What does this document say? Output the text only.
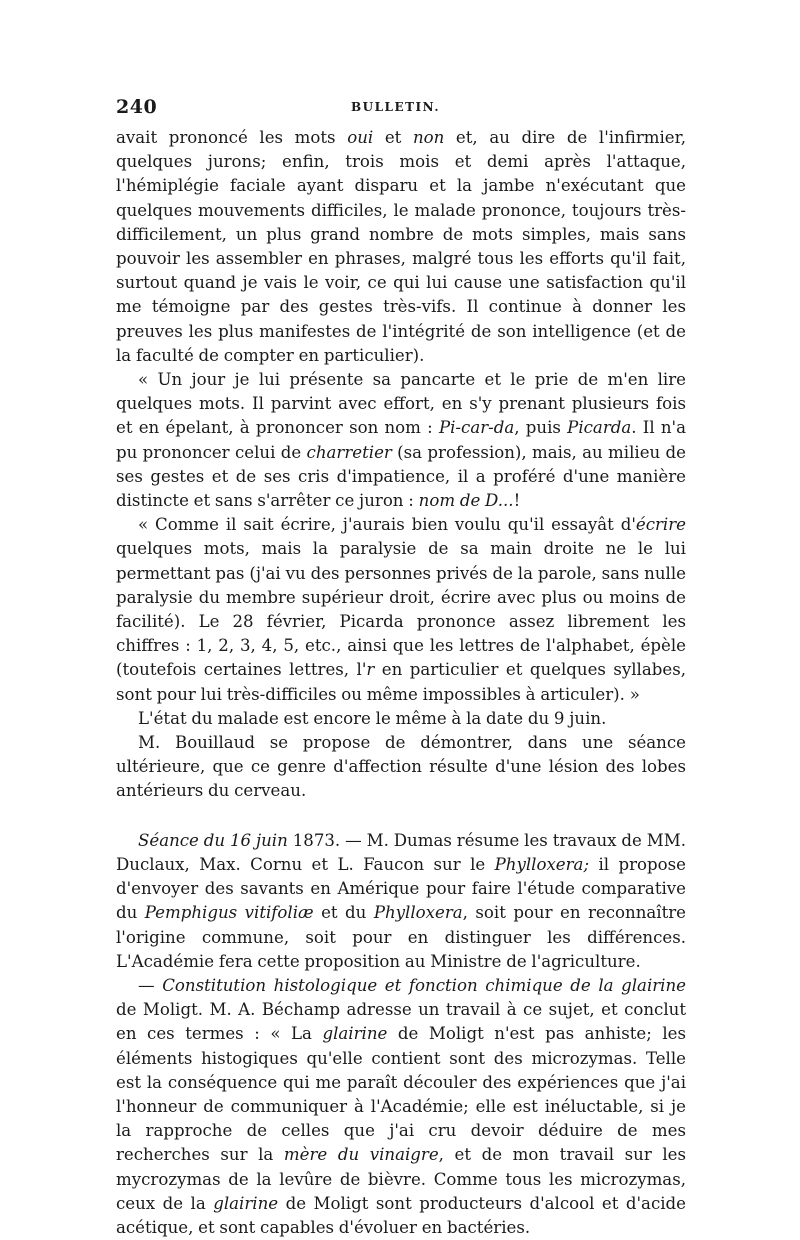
240	BULLETIN.

avait prononcé les mots oui et non et, au dire de l'infirmier, quelques jurons; enfin, trois mois et demi après l'attaque, l'hémiplégie faciale ayant disparu et la jambe n'exécutant que quelques mouvements difficiles, le malade prononce, toujours très-difficilement, un plus grand nombre de mots simples, mais sans pouvoir les assembler en phrases, malgré tous les efforts qu'il fait, surtout quand je vais le voir, ce qui lui cause une satisfaction qu'il me témoigne par des gestes très-vifs. Il continue à donner les preuves les plus manifestes de l'intégrité de son intelligence (et de la faculté de compter en particulier).

« Un jour je lui présente sa pancarte et le prie de m'en lire quelques mots. Il parvint avec effort, en s'y prenant plusieurs fois et en épelant, à prononcer son nom : Pi-car-da, puis Picarda. Il n'a pu prononcer celui de charretier (sa profession), mais, au milieu de ses gestes et de ses cris d'impatience, il a proféré d'une manière distincte et sans s'arrêter ce juron : nom de D...!

« Comme il sait écrire, j'aurais bien voulu qu'il essayât d'écrire quelques mots, mais la paralysie de sa main droite ne le lui permettant pas (j'ai vu des personnes privés de la parole, sans nulle paralysie du membre supérieur droit, écrire avec plus ou moins de facilité). Le 28 février, Picarda prononce assez librement les chiffres : 1, 2, 3, 4, 5, etc., ainsi que les lettres de l'alphabet, épèle (toutefois certaines lettres, l'r en particulier et quelques syllabes, sont pour lui très-difficiles ou même impossibles à articuler). »

L'état du malade est encore le même à la date du 9 juin.

M. Bouillaud se propose de démontrer, dans une séance ultérieure, que ce genre d'affection résulte d'une lésion des lobes antérieurs du cerveau.

Séance du 16 juin 1873. — M. Dumas résume les travaux de MM. Duclaux, Max. Cornu et L. Faucon sur le Phylloxera; il propose d'envoyer des savants en Amérique pour faire l'étude comparative du Pemphigus vitifoliæ et du Phylloxera, soit pour en reconnaître l'origine commune, soit pour en distinguer les différences. L'Académie fera cette proposition au Ministre de l'agriculture.

— Constitution histologique et fonction chimique de la glairine de Moligt. M. A. Béchamp adresse un travail à ce sujet, et conclut en ces termes : « La glairine de Moligt n'est pas anhiste; les éléments histogiques qu'elle contient sont des microzymas. Telle est la conséquence qui me paraît découler des expériences que j'ai l'honneur de communiquer à l'Académie; elle est inéluctable, si je la rapproche de celles que j'ai cru devoir déduire de mes recherches sur la mère du vinaigre, et de mon travail sur les mycrozymas de la levûre de bièvre. Comme tous les microzymas, ceux de la glairine de Moligt sont producteurs d'alcool et d'acide acétique, et sont capables d'évoluer en bactéries.
